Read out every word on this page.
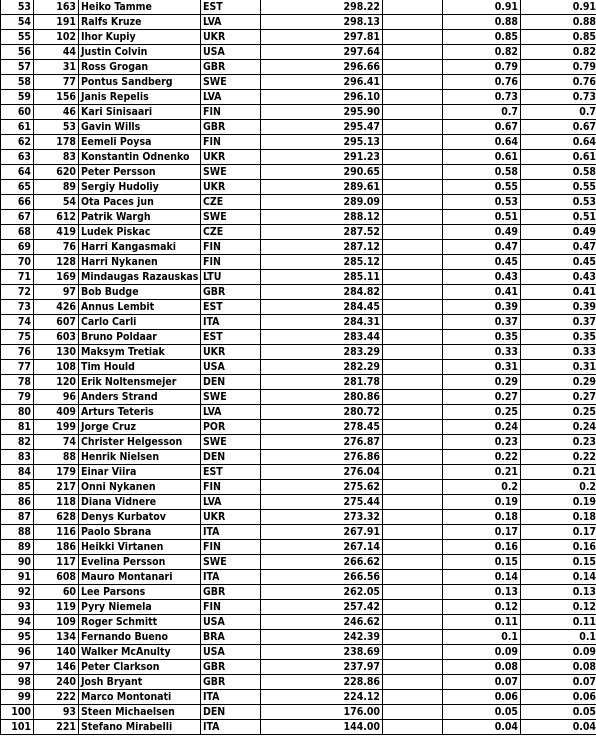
53	163	Heiko Tamme	EST	298.22		0.91	0.91	
54	191	Ralfs Kruze	LVA	298.13		0.88	0.88	
55	102	Ihor Kupiy	UKR	297.81		0.85	0.85	
56	44	Justin Colvin	USA	297.64		0.82	0.82	
57	31	Ross Grogan	GBR	296.66		0.79	0.79	
58	77	Pontus Sandberg	SWE	296.41		0.76	0.76	
59	156	Janis Repelis	LVA	296.10		0.73	0.73	
60	46	Kari Sinisaari	FIN	295.90		0.7	0.7	
61	53	Gavin Wills	GBR	295.47		0.67	0.67	
62	178	Eemeli Poysa	FIN	295.13		0.64	0.64	
63	83	Konstantin Odnenko	UKR	291.23		0.61	0.61	
64	620	Peter Persson	SWE	290.65		0.58	0.58	
65	89	Sergiy Hudoliy	UKR	289.61		0.55	0.55	
66	54	Ota Paces jun	CZE	289.09		0.53	0.53	
67	612	Patrik Wargh	SWE	288.12		0.51	0.51	
68	419	Ludek Piskac	CZE	287.52		0.49	0.49	
69	76	Harri Kangasmaki	FIN	287.12		0.47	0.47	
70	128	Harri Nykanen	FIN	285.12		0.45	0.45	
71	169	Mindaugas Razauskas	LTU	285.11		0.43	0.43	
72	97	Bob Budge	GBR	284.82		0.41	0.41	
73	426	Annus Lembit	EST	284.45		0.39	0.39	
74	607	Carlo Carli	ITA	284.31		0.37	0.37	
75	603	Bruno Poldaar	EST	283.44		0.35	0.35	
76	130	Maksym Tretiak	UKR	283.29		0.33	0.33	
77	108	Tim Hould	USA	282.29		0.31	0.31	
78	120	Erik Noltensmejer	DEN	281.78		0.29	0.29	
79	96	Anders Strand	SWE	280.86		0.27	0.27	
80	409	Arturs Teteris	LVA	280.72		0.25	0.25	
81	199	Jorge Cruz	POR	278.45		0.24	0.24	
82	74	Christer Helgesson	SWE	276.87		0.23	0.23	
83	88	Henrik Nielsen	DEN	276.86		0.22	0.22	
84	179	Einar Viira	EST	276.04		0.21	0.21	
85	217	Onni Nykanen	FIN	275.62		0.2	0.2	
86	118	Diana Vidnere	LVA	275.44		0.19	0.19	
87	628	Denys Kurbatov	UKR	273.32		0.18	0.18	
88	116	Paolo Sbrana	ITA	267.91		0.17	0.17	
89	186	Heikki Virtanen	FIN	267.14		0.16	0.16	
90	117	Evelina Persson	SWE	266.62		0.15	0.15	
91	608	Mauro Montanari	ITA	266.56		0.14	0.14	
92	60	Lee Parsons	GBR	262.05		0.13	0.13	
93	119	Pyry Niemela	FIN	257.42		0.12	0.12	
94	109	Roger Schmitt	USA	246.62		0.11	0.11	
95	134	Fernando Bueno	BRA	242.39		0.1	0.1	
96	140	Walker McAnulty	USA	238.69		0.09	0.09	
97	146	Peter Clarkson	GBR	237.97		0.08	0.08	
98	240	Josh Bryant	GBR	228.86		0.07	0.07	
99	222	Marco Montonati	ITA	224.12		0.06	0.06	
100	93	Steen Michaelsen	DEN	176.00		0.05	0.05	
101	221	Stefano Mirabelli	ITA	144.00		0.04	0.04	
